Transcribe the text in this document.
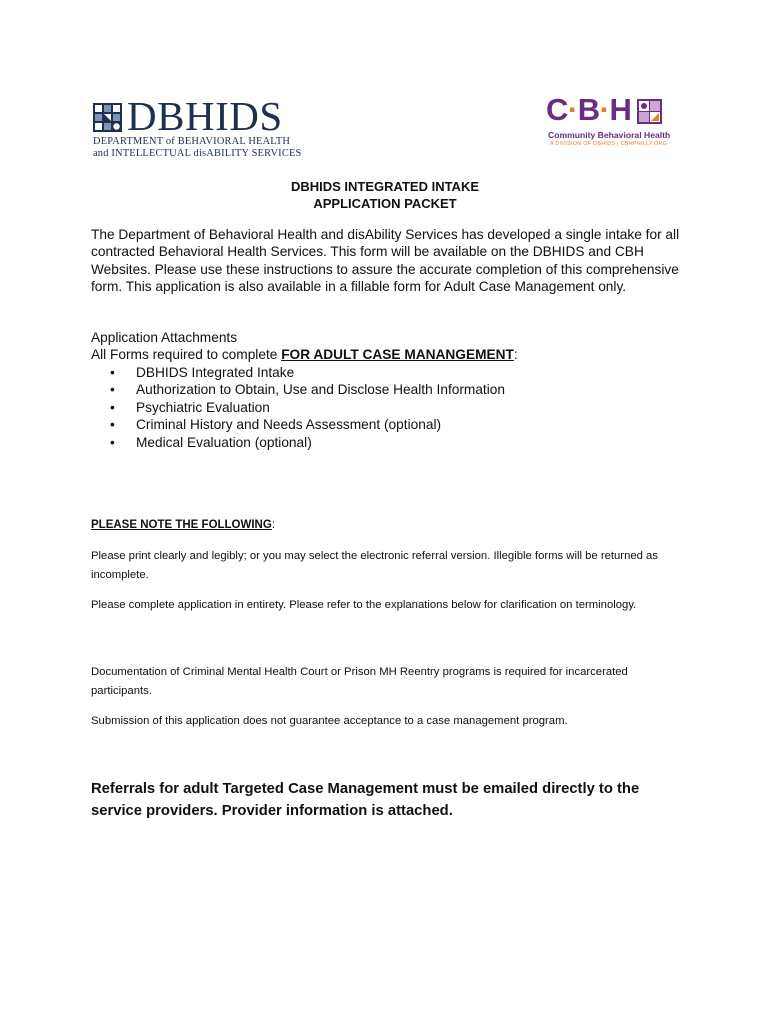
DBHIDS
DEPARTMENT of BEHAVIORAL HEALTH
and INTELLECTUAL disABILITY SERVICES
C·B·H
Community Behavioral Health
A DIVISION OF DBHIDS | CBHPHILLY.ORG
DBHIDS INTEGRATED INTAKE
APPLICATION PACKET

The Department of Behavioral Health and disAbility Services has developed a single intake for all contracted Behavioral Health Services. This form will be available on the DBHIDS and CBH Websites. Please use these instructions to assure the accurate completion of this comprehensive form. This application is also available in a fillable form for Adult Case Management only.

Application Attachments
All Forms required to complete FOR ADULT CASE MANANGEMENT:
• DBHIDS Integrated Intake
• Authorization to Obtain, Use and Disclose Health Information
• Psychiatric Evaluation
• Criminal History and Needs Assessment (optional)
• Medical Evaluation (optional)
PLEASE NOTE THE FOLLOWING:

Please print clearly and legibly; or you may select the electronic referral version. Illegible forms will be returned as incomplete.

Please complete application in entirety. Please refer to the explanations below for clarification on terminology.

Documentation of Criminal Mental Health Court or Prison MH Reentry programs is required for incarcerated participants.

Submission of this application does not guarantee acceptance to a case management program.

Referrals for adult Targeted Case Management must be emailed directly to the service providers. Provider information is attached.
